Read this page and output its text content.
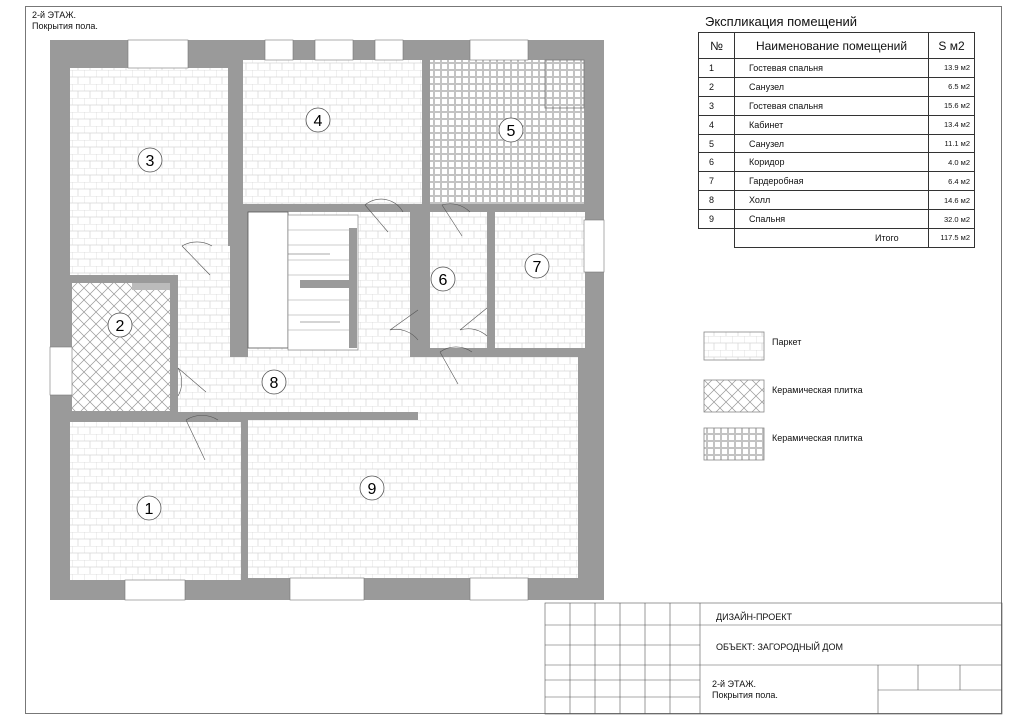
2-й ЭТАЖ.
Покрытия пола.
1
2
3
4
5
6
7
8
9
Экспликация помещений
№	Наименование помещений	S м2
1	Гостевая спальня	13.9 м2
2	Санузел	6.5 м2
3	Гостевая спальня	15.6 м2
4	Кабинет	13.4 м2
5	Санузел	11.1 м2
6	Коридор	4.0 м2
7	Гардеробная	6.4 м2
8	Холл	14.6 м2
9	Спальня	32.0 м2
	Итого	117.5 м2
Паркет
Керамическая плитка
Керамическая плитка
ДИЗАЙН-ПРОЕКТ
ОБЪЕКТ: ЗАГОРОДНЫЙ ДОМ
2-й ЭТАЖ.
Покрытия пола.
